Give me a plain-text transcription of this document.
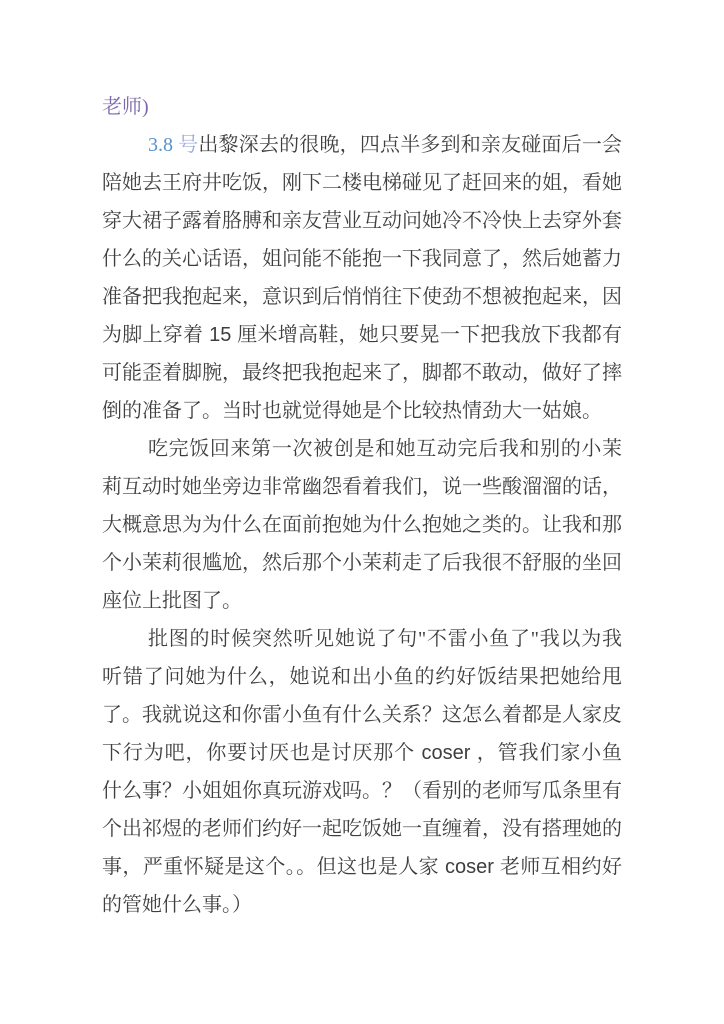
老师)

3.8 号出黎深去的很晚，四点半多到和亲友碰面后一会陪她去王府井吃饭，刚下二楼电梯碰见了赶回来的姐，看她穿大裙子露着胳膊和亲友营业互动问她冷不冷快上去穿外套什么的关心话语，姐问能不能抱一下我同意了，然后她蓄力准备把我抱起来，意识到后悄悄往下使劲不想被抱起来，因为脚上穿着 15 厘米增高鞋，她只要晃一下把我放下我都有可能歪着脚腕，最终把我抱起来了，脚都不敢动，做好了摔倒的准备了。当时也就觉得她是个比较热情劲大一姑娘。

吃完饭回来第一次被创是和她互动完后我和别的小茉莉互动时她坐旁边非常幽怨看着我们，说一些酸溜溜的话，大概意思为为什么在面前抱她为什么抱她之类的。让我和那个小茉莉很尴尬，然后那个小茉莉走了后我很不舒服的坐回座位上批图了。

批图的时候突然听见她说了句"不雷小鱼了"我以为我听错了问她为什么，她说和出小鱼的约好饭结果把她给甩了。我就说这和你雷小鱼有什么关系？这怎么着都是人家皮下行为吧，你要讨厌也是讨厌那个 coser ，管我们家小鱼什么事？小姐姐你真玩游戏吗。？（看别的老师写瓜条里有个出祁煜的老师们约好一起吃饭她一直缠着，没有搭理她的事，严重怀疑是这个。。但这也是人家 coser 老师互相约好的管她什么事。）
